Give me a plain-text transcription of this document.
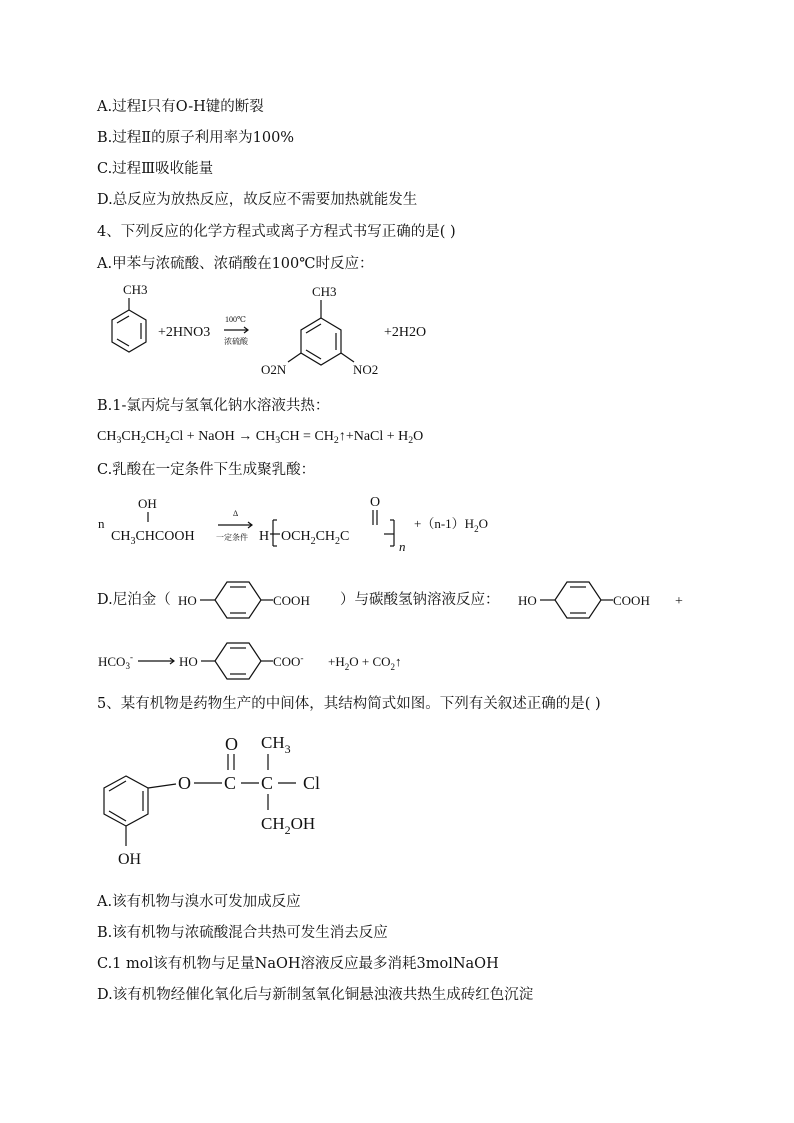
A.过程Ⅰ只有O-H键的断裂
B.过程Ⅱ的原子利用率为100%
C.过程Ⅲ吸收能量
D.总反应为放热反应，故反应不需要加热就能发生
4、下列反应的化学方程式或离子方程式书写正确的是( )
A.甲苯与浓硫酸、浓硝酸在100℃时反应：
CH3
+2HNO3
100℃
浓硫酸
CH3
O2N	NO2
+2H2O
B.1-氯丙烷与氢氧化钠水溶液共热：
$CH_3CH_2CH_2Cl$ + NaOH → $CH_3CH$ = $CH_2↑+NaCl + H_2O$
C.乳酸在一定条件下生成聚乳酸：
n
OH
$CH_3CHCOOH$
Δ
一定条件 H $OCH_2CH_2C$
O
n
$+(n-1)H_2O$
D.尼泊金（ HO	COOH ）与碳酸氢钠溶液反应： HO	COOH +
$HCO_3^-$	HO	$COO^- +H_2O$ + $CO_2↑$
5、某有机物是药物生产的中间体，其结构简式如图。下列有关叙述正确的是( )
OH
O C
O
C
$CH_3$
Cl
$CH_2OH$
A.该有机物与溴水可发加成反应
B.该有机物与浓硫酸混合共热可发生消去反应
C.1 mol该有机物与足量NaOH溶液反应最多消耗3molNaOH
D.该有机物经催化氧化后与新制氢氧化铜悬浊液共热生成砖红色沉淀
